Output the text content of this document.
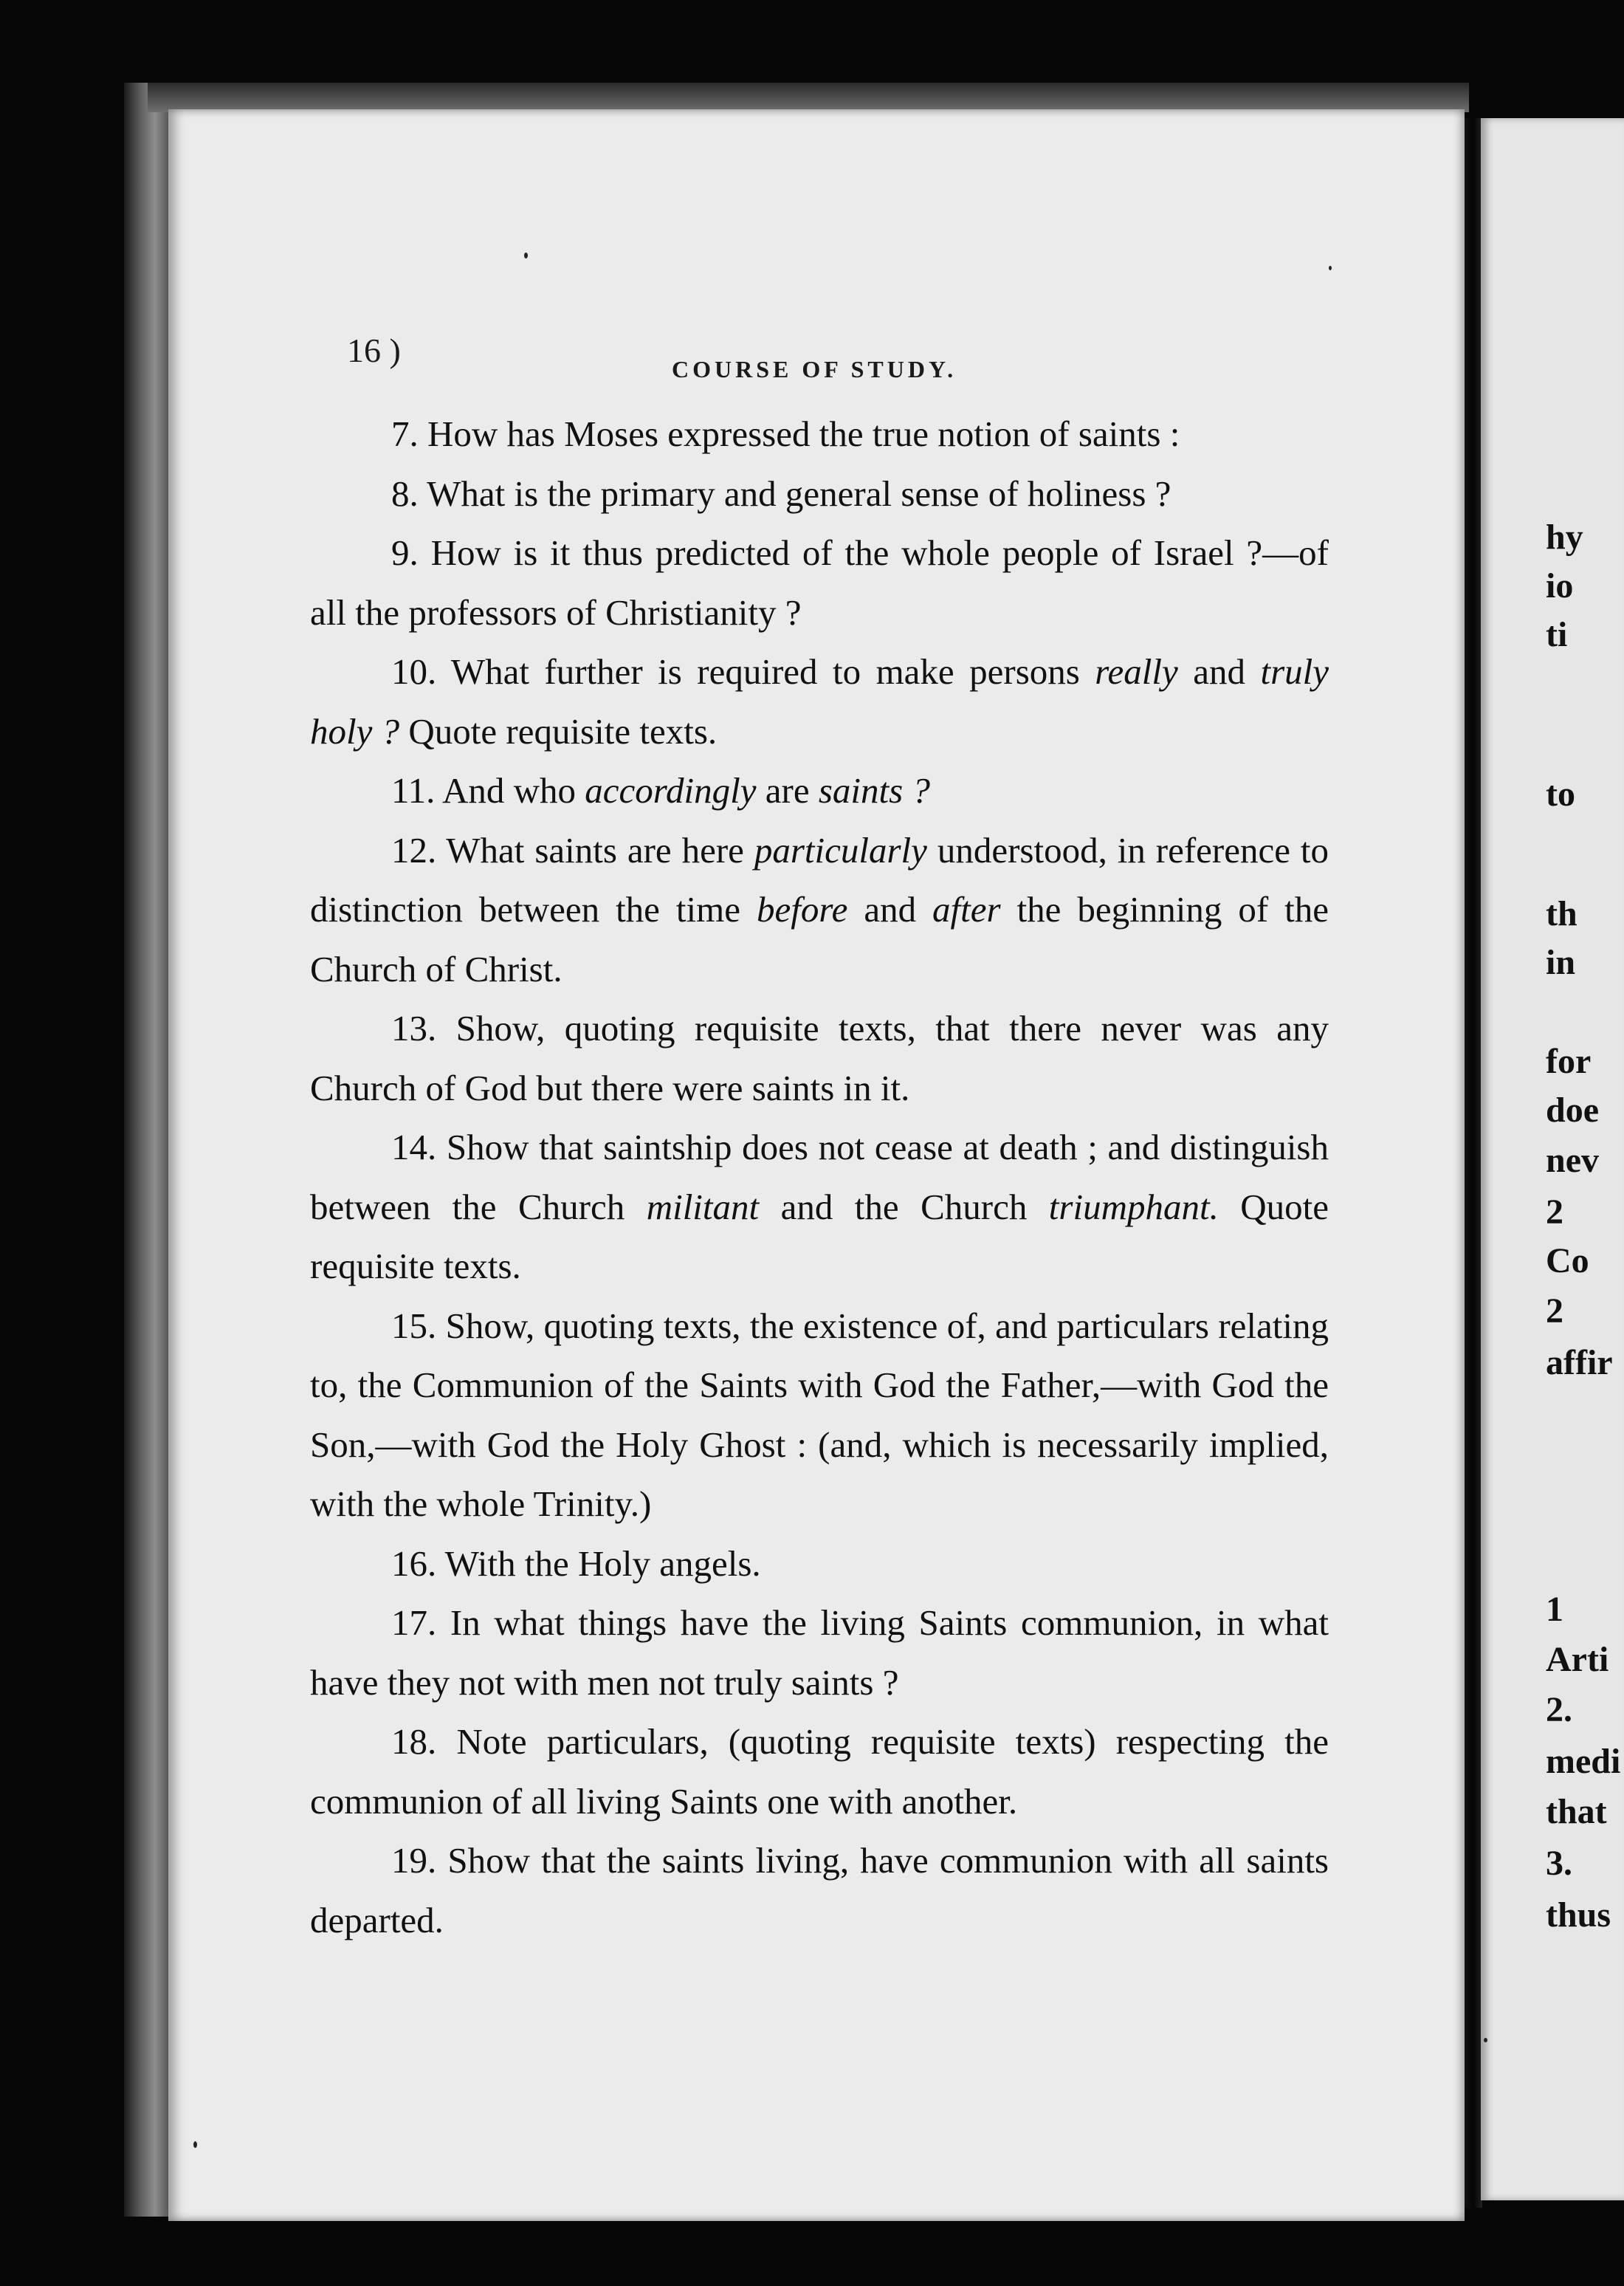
16 )	COURSE OF STUDY.

7. How has Moses expressed the true notion of saints :

8. What is the primary and general sense of holiness ?

9. How is it thus predicted of the whole people of Israel ?—of all the professors of Christianity ?

10. What further is required to make persons really and truly holy ? Quote requisite texts.

11. And who accordingly are saints ?

12. What saints are here particularly understood, in reference to distinction between the time before and after the beginning of the Church of Christ.

13. Show, quoting requisite texts, that there never was any Church of God but there were saints in it.

14. Show that saintship does not cease at death ; and distinguish between the Church militant and the Church triumphant. Quote requisite texts.

15. Show, quoting texts, the existence of, and particulars relating to, the Communion of the Saints with God the Father,—with God the Son,—with God the Holy Ghost : (and, which is necessarily implied, with the whole Trinity.)

16. With the Holy angels.

17. In what things have the living Saints communion, in what have they not with men not truly saints ?

18. Note particulars, (quoting requisite texts) respecting the communion of all living Saints one with another.

19. Show that the saints living, have communion with all saints departed.

hy
io
ti
to
th
in
for
doe
nev
2
Co
2
affir
1
Arti
2.
medi
that
3.
thus
